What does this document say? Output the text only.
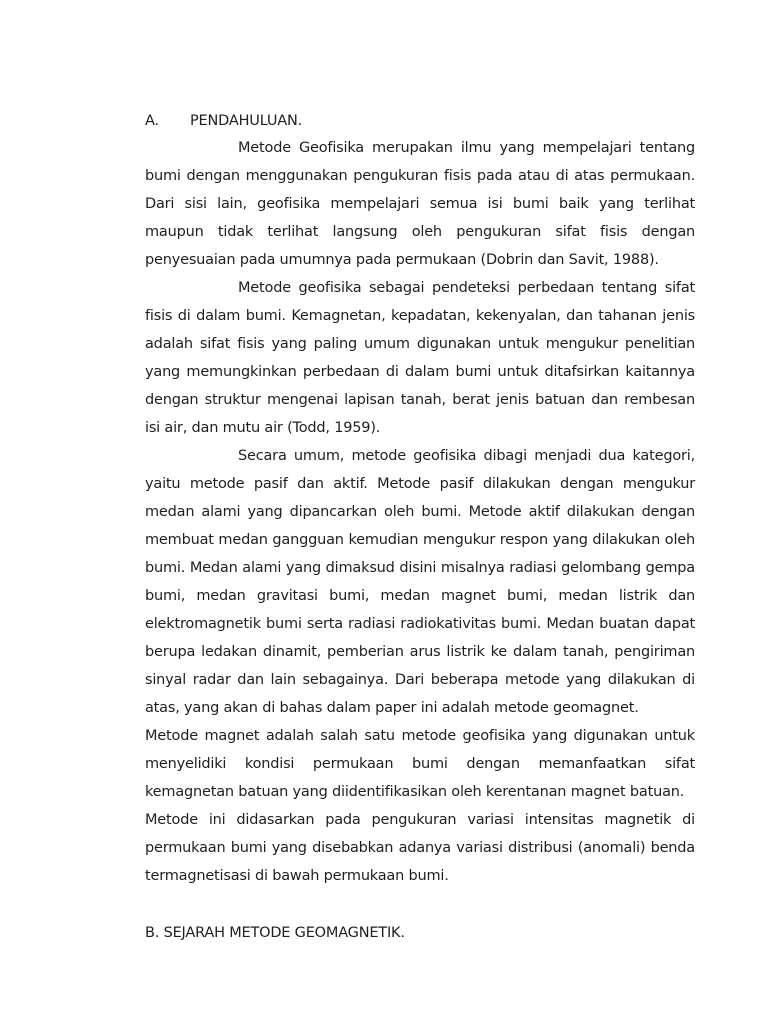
A. PENDAHULUAN.

Metode Geofisika merupakan ilmu yang mempelajari tentang bumi dengan menggunakan pengukuran fisis pada atau di atas permukaan. Dari sisi lain, geofisika mempelajari semua isi bumi baik yang terlihat maupun tidak terlihat langsung oleh pengukuran sifat fisis dengan penyesuaian pada umumnya pada permukaan (Dobrin dan Savit, 1988).

Metode geofisika sebagai pendeteksi perbedaan tentang sifat fisis di dalam bumi. Kemagnetan, kepadatan, kekenyalan, dan tahanan jenis adalah sifat fisis yang paling umum digunakan untuk mengukur penelitian yang memungkinkan perbedaan di dalam bumi untuk ditafsirkan kaitannya dengan struktur mengenai lapisan tanah, berat jenis batuan dan rembesan isi air, dan mutu air (Todd, 1959).

Secara umum, metode geofisika dibagi menjadi dua kategori, yaitu metode pasif dan aktif. Metode pasif dilakukan dengan mengukur medan alami yang dipancarkan oleh bumi. Metode aktif dilakukan dengan membuat medan gangguan kemudian mengukur respon yang dilakukan oleh bumi. Medan alami yang dimaksud disini misalnya radiasi gelombang gempa bumi, medan gravitasi bumi, medan magnet bumi, medan listrik dan elektromagnetik bumi serta radiasi radiokativitas bumi. Medan buatan dapat berupa ledakan dinamit, pemberian arus listrik ke dalam tanah, pengiriman sinyal radar dan lain sebagainya. Dari beberapa metode yang dilakukan di atas, yang akan di bahas dalam paper ini adalah metode geomagnet.

Metode magnet adalah salah satu metode geofisika yang digunakan untuk menyelidiki kondisi permukaan bumi dengan memanfaatkan sifat kemagnetan batuan yang diidentifikasikan oleh kerentanan magnet batuan.

Metode ini didasarkan pada pengukuran variasi intensitas magnetik di permukaan bumi yang disebabkan adanya variasi distribusi (anomali) benda termagnetisasi di bawah permukaan bumi.

B. SEJARAH METODE GEOMAGNETIK.
